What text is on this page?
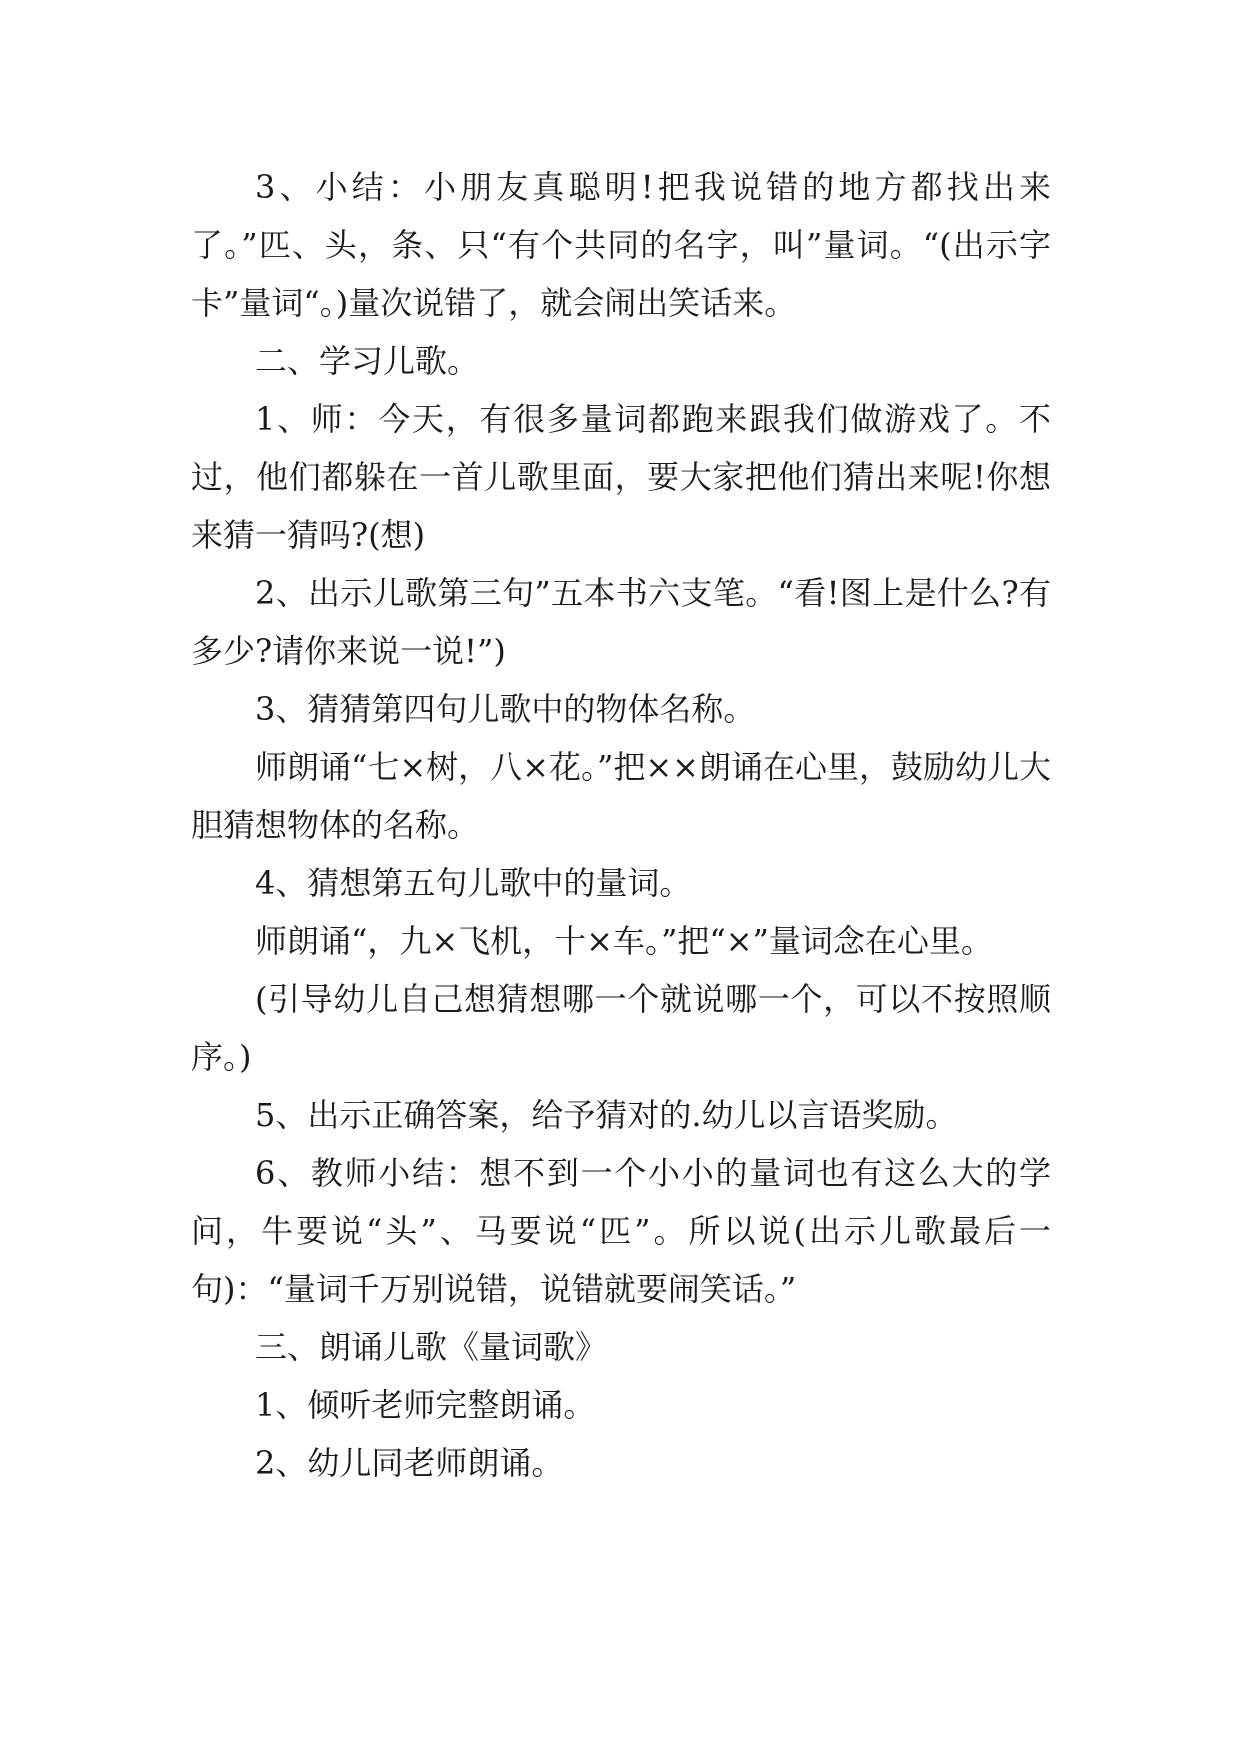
3、小结：小朋友真聪明!把我说错的地方都找出来了。”匹、头，条、只“有个共同的名字，叫”量词。“(出示字卡”量词“。)量次说错了，就会闹出笑话来。

二、学习儿歌。

1、师：今天，有很多量词都跑来跟我们做游戏了。不过，他们都躲在一首儿歌里面，要大家把他们猜出来呢!你想来猜一猜吗?(想)

2、出示儿歌第三句”五本书六支笔。“看!图上是什么?有多少?请你来说一说!”)

3、猜猜第四句儿歌中的物体名称。

师朗诵“七×树，八×花。”把××朗诵在心里，鼓励幼儿大胆猜想物体的名称。

4、猜想第五句儿歌中的量词。

师朗诵“，九×飞机，十×车。”把“×”量词念在心里。

(引导幼儿自己想猜想哪一个就说哪一个，可以不按照顺序。)

5、出示正确答案，给予猜对的.幼儿以言语奖励。

6、教师小结：想不到一个小小的量词也有这么大的学问，牛要说“头”、马要说“匹”。所以说(出示儿歌最后一句)：“量词千万别说错，说错就要闹笑话。”

三、朗诵儿歌《量词歌》

1、倾听老师完整朗诵。

2、幼儿同老师朗诵。
